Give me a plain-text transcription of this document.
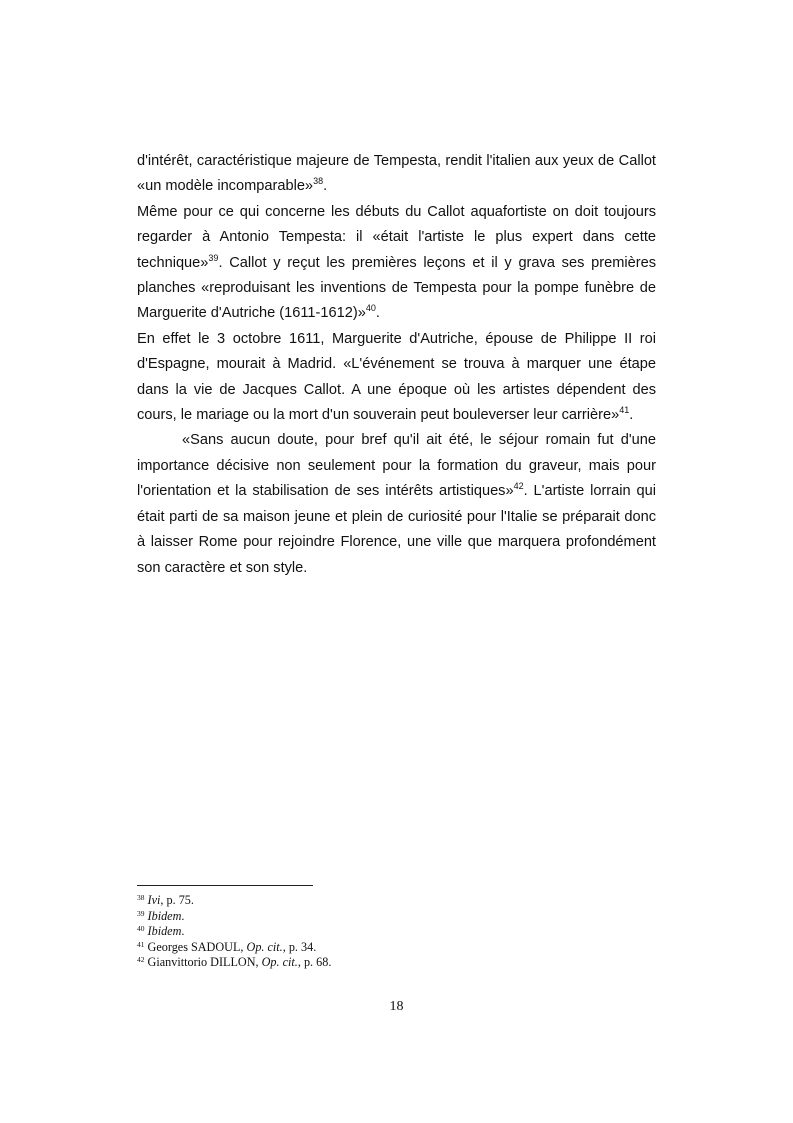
d'intérêt, caractéristique majeure de Tempesta, rendit l'italien aux yeux de Callot «un modèle incomparable»$^{38}$.

Même pour ce qui concerne les débuts du Callot aquafortiste on doit toujours regarder à Antonio Tempesta: il «était l'artiste le plus expert dans cette technique»$^{39}$. Callot y reçut les premières leçons et il y grava ses premières planches «reproduisant les inventions de Tempesta pour la pompe funèbre de Marguerite d'Autriche (1611-1612)»$^{40}$.

En effet le 3 octobre 1611, Marguerite d'Autriche, épouse de Philippe II roi d'Espagne, mourait à Madrid. «L'événement se trouva à marquer une étape dans la vie de Jacques Callot. A une époque où les artistes dépendent des cours, le mariage ou la mort d'un souverain peut bouleverser leur carrière»$^{41}$.

«Sans aucun doute, pour bref qu'il ait été, le séjour romain fut d'une importance décisive non seulement pour la formation du graveur, mais pour l'orientation et la stabilisation de ses intérêts artistiques»$^{42}$. L'artiste lorrain qui était parti de sa maison jeune et plein de curiosité pour l'Italie se préparait donc à laisser Rome pour rejoindre Florence, une ville que marquera profondément son caractère et son style.

$^{38}$ Ivi, p. 75.
$^{39}$ Ibidem.
$^{40}$ Ibidem.
$^{41}$ Georges SADOUL, Op. cit., p. 34.
$^{42}$ Gianvittorio DILLON, Op. cit., p. 68.
18
